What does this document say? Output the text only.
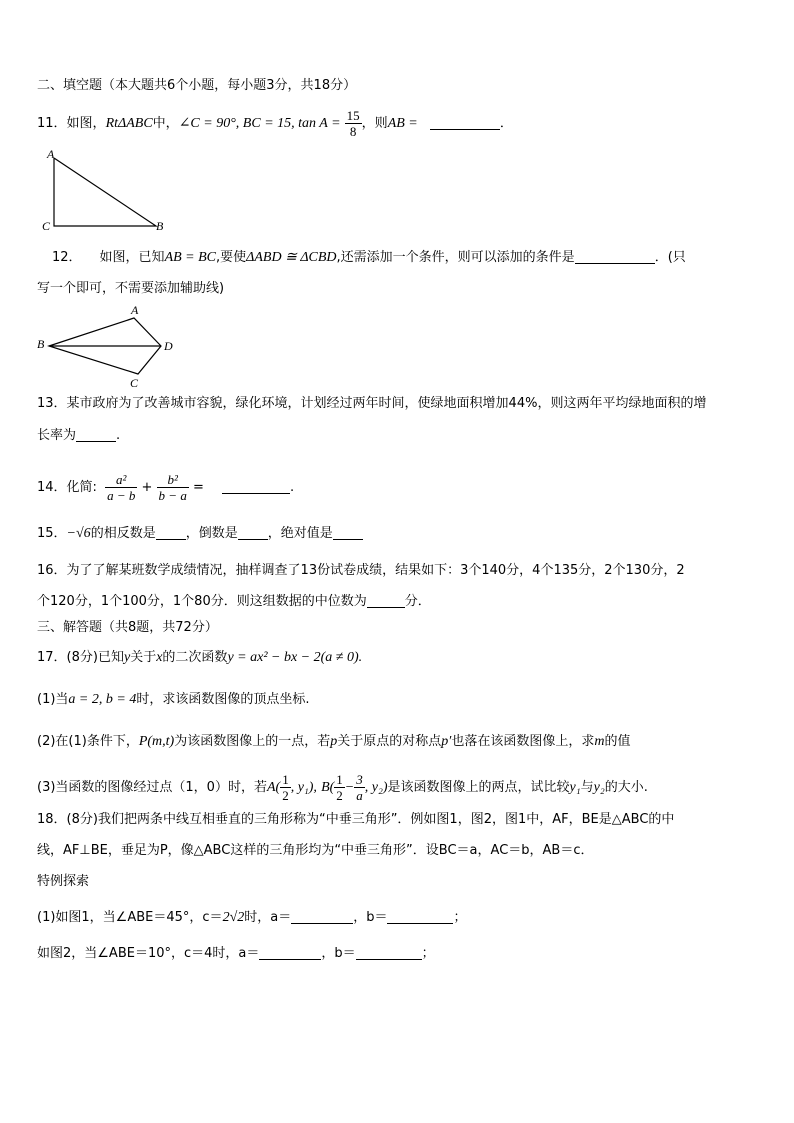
二、填空题（本大题共6个小题，每小题3分，共18分）
11．如图，RtΔABC中，∠C = 90°, BC = 15, $\tan A = \frac{15}{8}$ ，则AB =	．
A
C	B
12． 如图，已知AB = BC,要使ΔABD ≅ ΔCBD,还需添加一个条件，则可以添加的条件是	．(只
写一个即可，不需要添加辅助线)
A
B	D
C
13．某市政府为了改善城市容貌，绿化环境，计划经过两年时间，使绿地面积增加44%，则这两年平均绿地面积的增
长率为	.
14．化简: $\frac{\text{a²}}{a - b} + \frac{\text{b²}}{b - a}$ =	.
15．−√6的相反数是 ，倒数是 ，绝对值是
16．为了了解某班数学成绩情况，抽样调查了13份试卷成绩，结果如下：3个140分，4个135分，2个130分，2
个120分，1个100分，1个80分．则这组数据的中位数为	分．
三、解答题（共8题，共72分）
17．(8分)已知y关于x的二次函数y = ax² − bx − 2(a ≠ 0).
(1)当a = 2, b = 4时，求该函数图像的顶点坐标.
(2)在(1)条件下，P(m,t)为该函数图像上的一点，若p关于原点的对称点p′也落在该函数图像上，求m的值
(3)当函数的图像经过点（1，0）时，若$A( \frac{1}{2}$ , y₁), $B( \frac{1}{2} - \frac{3}{a}$ , y₂)是该函数图像上的两点，试比较y₁与y₂的大小.
18．(8分)我们把两条中线互相垂直的三角形称为“中垂三角形”．例如图1，图2，图1中，AF，BE是△ABC的中
线，AF⊥BE，垂足为P，像△ABC这样的三角形均为“中垂三角形”．设BC＝a，AC＝b，AB＝c．
特例探索
(1)如图1，当∠ABE＝45°，c＝2√2时，a＝	，b＝	；
如图2，当∠ABE＝10°，c＝4时，a＝	，b＝	；
